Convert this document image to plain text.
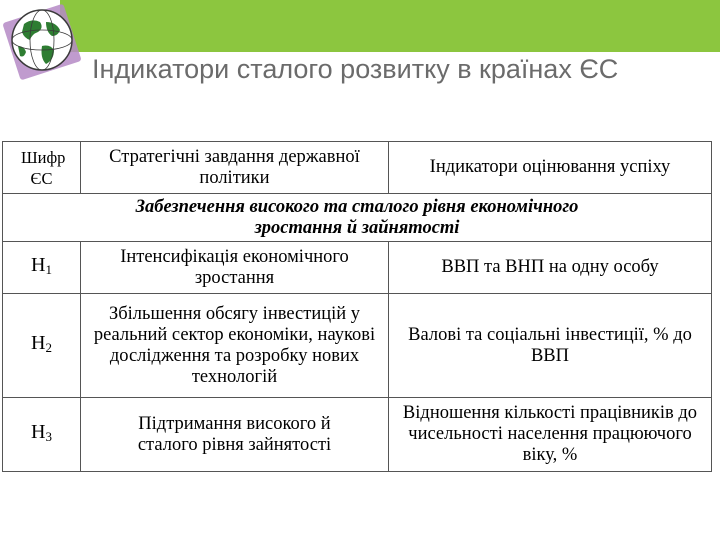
Індикатори сталого розвитку в країнах ЄС
Шифр ЄС	Стратегічні завдання державної політики	Індикатори оцінювання успіху
Забезпечення високого та сталого рівня економічного зростання й зайнятості		
$Н_1$	Інтенсифікація економічного зростання	ВВП та ВНП на одну особу
$Н_2$	Збільшення обсягу інвестицій у реальний сектор економіки, наукові дослідження та розробку нових технологій	Валові та соціальні інвестиції, % до ВВП
$Н_3$	Підтримання високого й сталого рівня зайнятості	Відношення кількості працівників до чисельності населення працюючого віку, %
